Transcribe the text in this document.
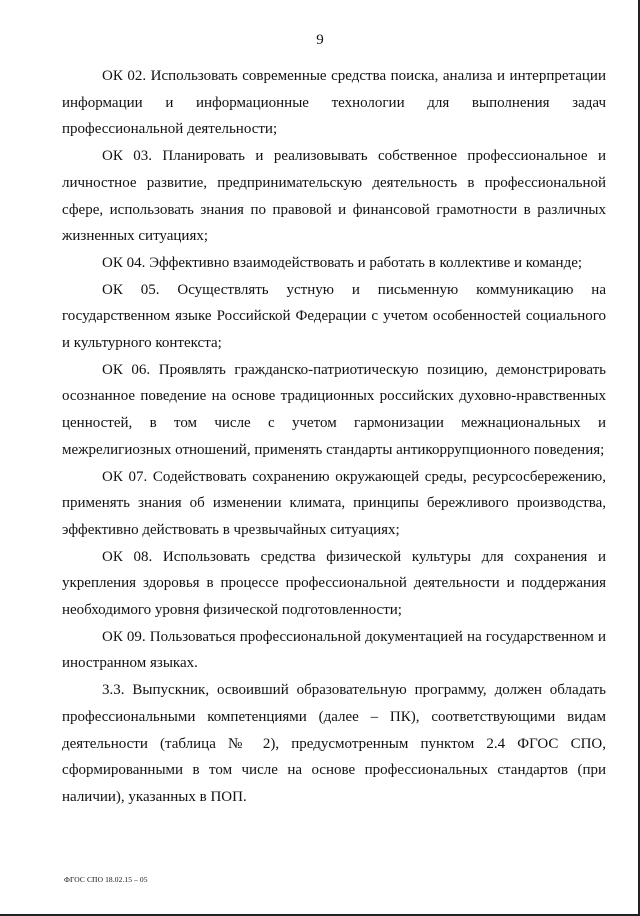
9

ОК 02. Использовать современные средства поиска, анализа и интерпретации информации и информационные технологии для выполнения задач профессиональной деятельности;

ОК 03. Планировать и реализовывать собственное профессиональное и личностное развитие, предпринимательскую деятельность в профессиональной сфере, использовать знания по правовой и финансовой грамотности в различных жизненных ситуациях;

ОК 04. Эффективно взаимодействовать и работать в коллективе и команде;

ОК 05. Осуществлять устную и письменную коммуникацию на государственном языке Российской Федерации с учетом особенностей социального и культурного контекста;

ОК 06. Проявлять гражданско-патриотическую позицию, демонстрировать осознанное поведение на основе традиционных российских духовно-нравственных ценностей, в том числе с учетом гармонизации межнациональных и межрелигиозных отношений, применять стандарты антикоррупционного поведения;

ОК 07. Содействовать сохранению окружающей среды, ресурсосбережению, применять знания об изменении климата, принципы бережливого производства, эффективно действовать в чрезвычайных ситуациях;

ОК 08. Использовать средства физической культуры для сохранения и укрепления здоровья в процессе профессиональной деятельности и поддержания необходимого уровня физической подготовленности;

ОК 09. Пользоваться профессиональной документацией на государственном и иностранном языках.

3.3. Выпускник, освоивший образовательную программу, должен обладать профессиональными компетенциями (далее – ПК), соответствующими видам деятельности (таблица № 2), предусмотренным пунктом 2.4 ФГОС СПО, сформированными в том числе на основе профессиональных стандартов (при наличии), указанных в ПОП.

ФГОС СПО 18.02.15 – 05
